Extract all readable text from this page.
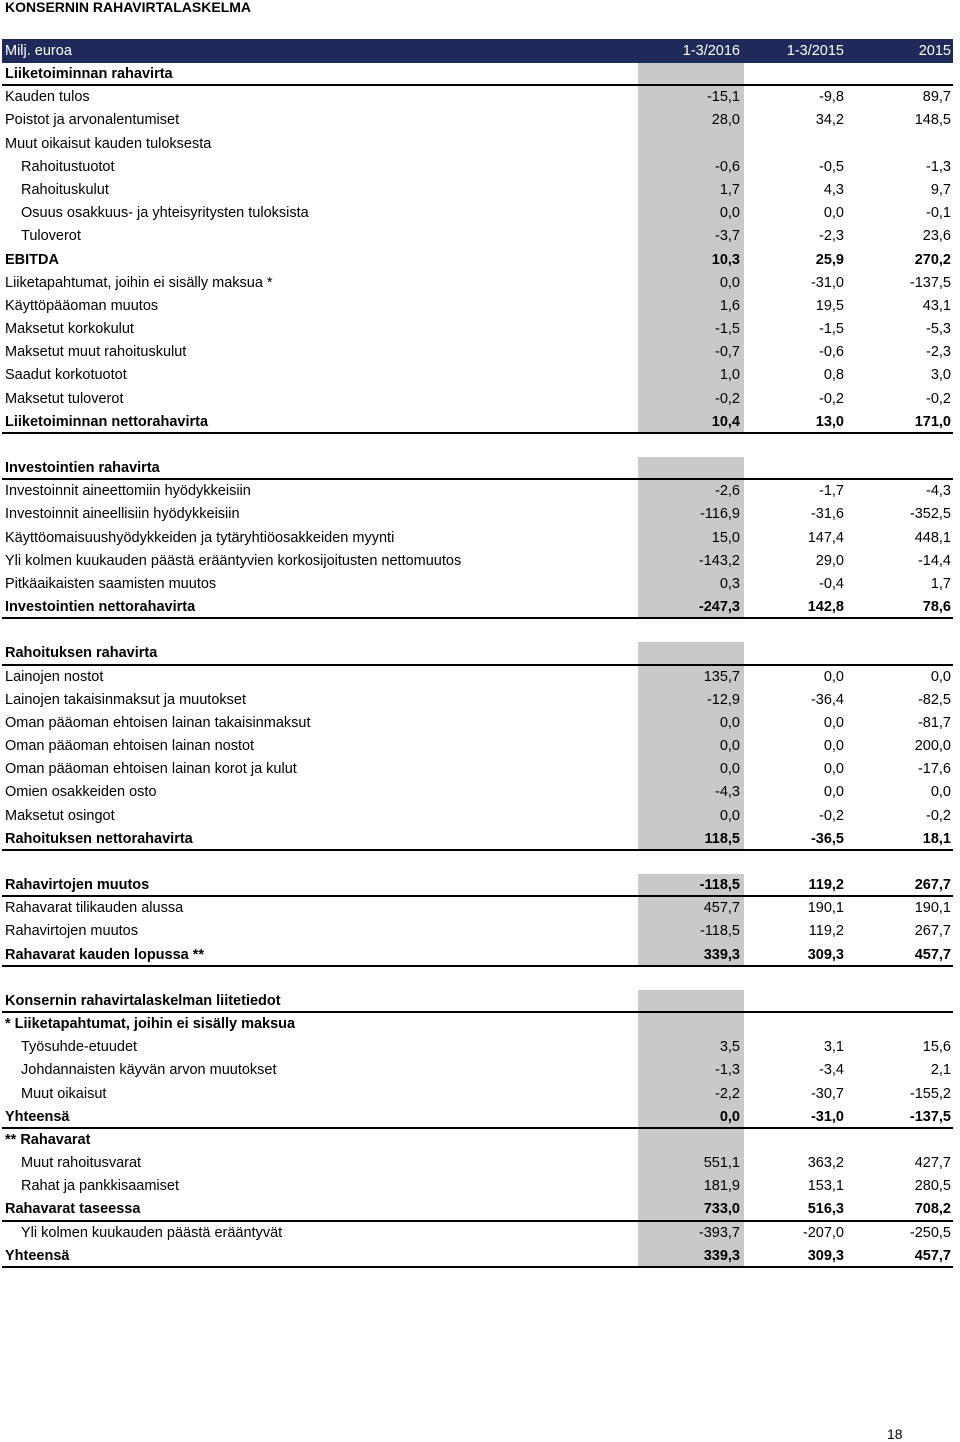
KONSERNIN RAHAVIRTALASKELMA
Milj. euroa	1-3/2016	1-3/2015	2015
Liiketoiminnan rahavirta
Kauden tulos	-15,1	-9,8	89,7
Poistot ja arvonalentumiset	28,0	34,2	148,5
Muut oikaisut kauden tuloksesta
Rahoitustuotot	-0,6	-0,5	-1,3
Rahoituskulut	1,7	4,3	9,7
Osuus osakkuus- ja yhteisyritysten tuloksista	0,0	0,0	-0,1
Tuloverot	-3,7	-2,3	23,6
EBITDA	10,3	25,9	270,2
Liiketapahtumat, joihin ei sisälly maksua *	0,0	-31,0	-137,5
Käyttöpääoman muutos	1,6	19,5	43,1
Maksetut korkokulut	-1,5	-1,5	-5,3
Maksetut muut rahoituskulut	-0,7	-0,6	-2,3
Saadut korkotuotot	1,0	0,8	3,0
Maksetut tuloverot	-0,2	-0,2	-0,2
Liiketoiminnan nettorahavirta	10,4	13,0	171,0
Investointien rahavirta
Investoinnit aineettomiin hyödykkeisiin	-2,6	-1,7	-4,3
Investoinnit aineellisiin hyödykkeisiin	-116,9	-31,6	-352,5
Käyttöomaisuushyödykkeiden ja tytäryhtiöosakkeiden myynti	15,0	147,4	448,1
Yli kolmen kuukauden päästä erääntyvien korkosijoitusten nettomuutos	-143,2	29,0	-14,4
Pitkäaikaisten saamisten muutos	0,3	-0,4	1,7
Investointien nettorahavirta	-247,3	142,8	78,6
Rahoituksen rahavirta
Lainojen nostot	135,7	0,0	0,0
Lainojen takaisinmaksut ja muutokset	-12,9	-36,4	-82,5
Oman pääoman ehtoisen lainan takaisinmaksut	0,0	0,0	-81,7
Oman pääoman ehtoisen lainan nostot	0,0	0,0	200,0
Oman pääoman ehtoisen lainan korot ja kulut	0,0	0,0	-17,6
Omien osakkeiden osto	-4,3	0,0	0,0
Maksetut osingot	0,0	-0,2	-0,2
Rahoituksen nettorahavirta	118,5	-36,5	18,1
Rahavirtojen muutos	-118,5	119,2	267,7
Rahavarat tilikauden alussa	457,7	190,1	190,1
Rahavirtojen muutos	-118,5	119,2	267,7
Rahavarat kauden lopussa **	339,3	309,3	457,7
Konsernin rahavirtalaskelman liitetiedot
* Liiketapahtumat, joihin ei sisälly maksua
Työsuhde-etuudet	3,5	3,1	15,6
Johdannaisten käyvän arvon muutokset	-1,3	-3,4	2,1
Muut oikaisut	-2,2	-30,7	-155,2
Yhteensä	0,0	-31,0	-137,5
** Rahavarat
Muut rahoitusvarat	551,1	363,2	427,7
Rahat ja pankkisaamiset	181,9	153,1	280,5
Rahavarat taseessa	733,0	516,3	708,2
Yli kolmen kuukauden päästä erääntyvät	-393,7	-207,0	-250,5
Yhteensä	339,3	309,3	457,7
18
